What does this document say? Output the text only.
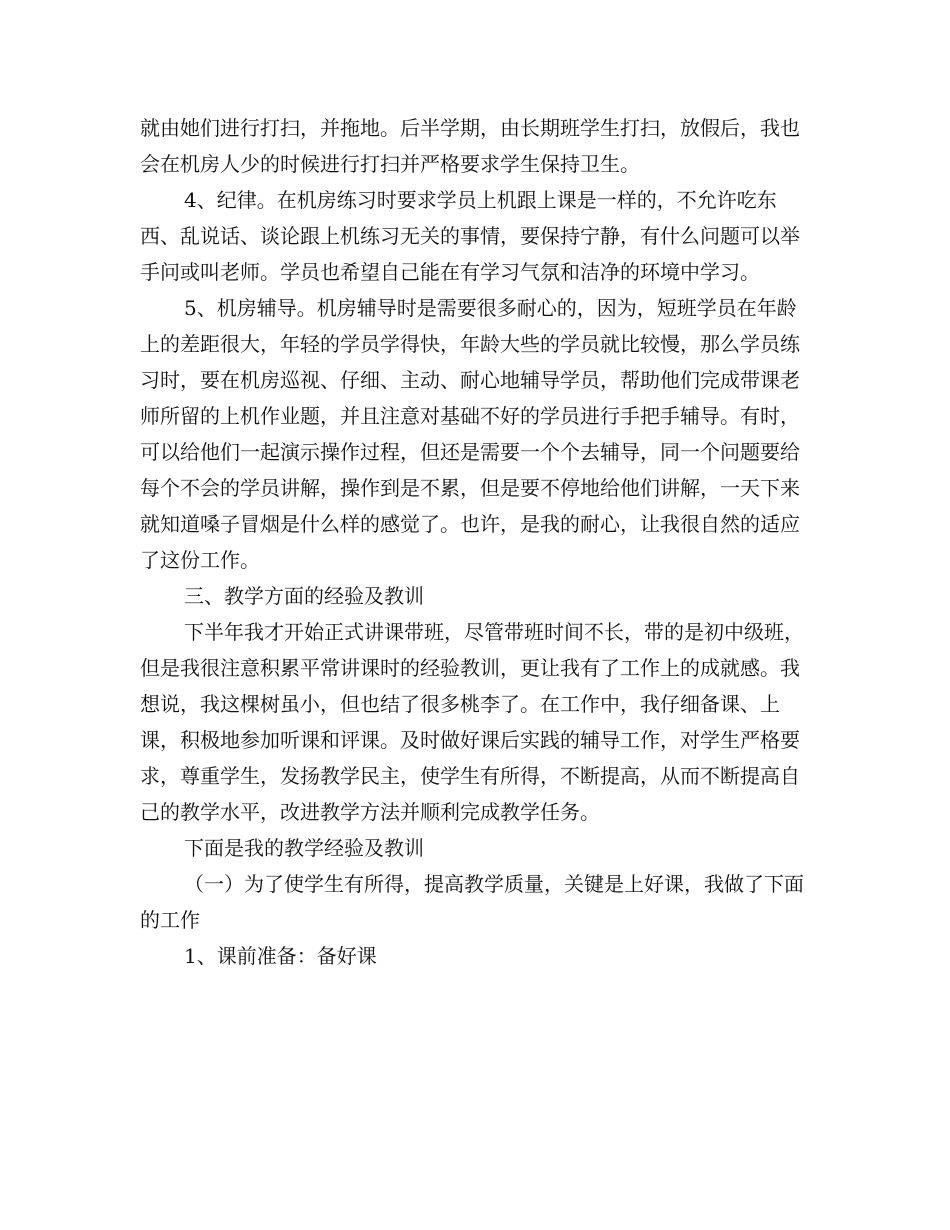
就由她们进行打扫，并拖地。后半学期，由长期班学生打扫，放假后，我也会在机房人少的时候进行打扫并严格要求学生保持卫生。

4、纪律。在机房练习时要求学员上机跟上课是一样的，不允许吃东西、乱说话、谈论跟上机练习无关的事情，要保持宁静，有什么问题可以举手问或叫老师。学员也希望自己能在有学习气氛和洁净的环境中学习。

5、机房辅导。机房辅导时是需要很多耐心的，因为，短班学员在年龄上的差距很大，年轻的学员学得快，年龄大些的学员就比较慢，那么学员练习时，要在机房巡视、仔细、主动、耐心地辅导学员，帮助他们完成带课老师所留的上机作业题，并且注意对基础不好的学员进行手把手辅导。有时，可以给他们一起演示操作过程，但还是需要一个个去辅导，同一个问题要给每个不会的学员讲解，操作到是不累，但是要不停地给他们讲解，一天下来就知道嗓子冒烟是什么样的感觉了。也许，是我的耐心，让我很自然的适应了这份工作。

三、教学方面的经验及教训

下半年我才开始正式讲课带班，尽管带班时间不长，带的是初中级班，但是我很注意积累平常讲课时的经验教训，更让我有了工作上的成就感。我想说，我这棵树虽小，但也结了很多桃李了。在工作中，我仔细备课、上课，积极地参加听课和评课。及时做好课后实践的辅导工作，对学生严格要求，尊重学生，发扬教学民主，使学生有所得，不断提高，从而不断提高自己的教学水平，改进教学方法并顺利完成教学任务。

下面是我的教学经验及教训

（一）为了使学生有所得，提高教学质量，关键是上好课，我做了下面的工作

1、课前准备：备好课
